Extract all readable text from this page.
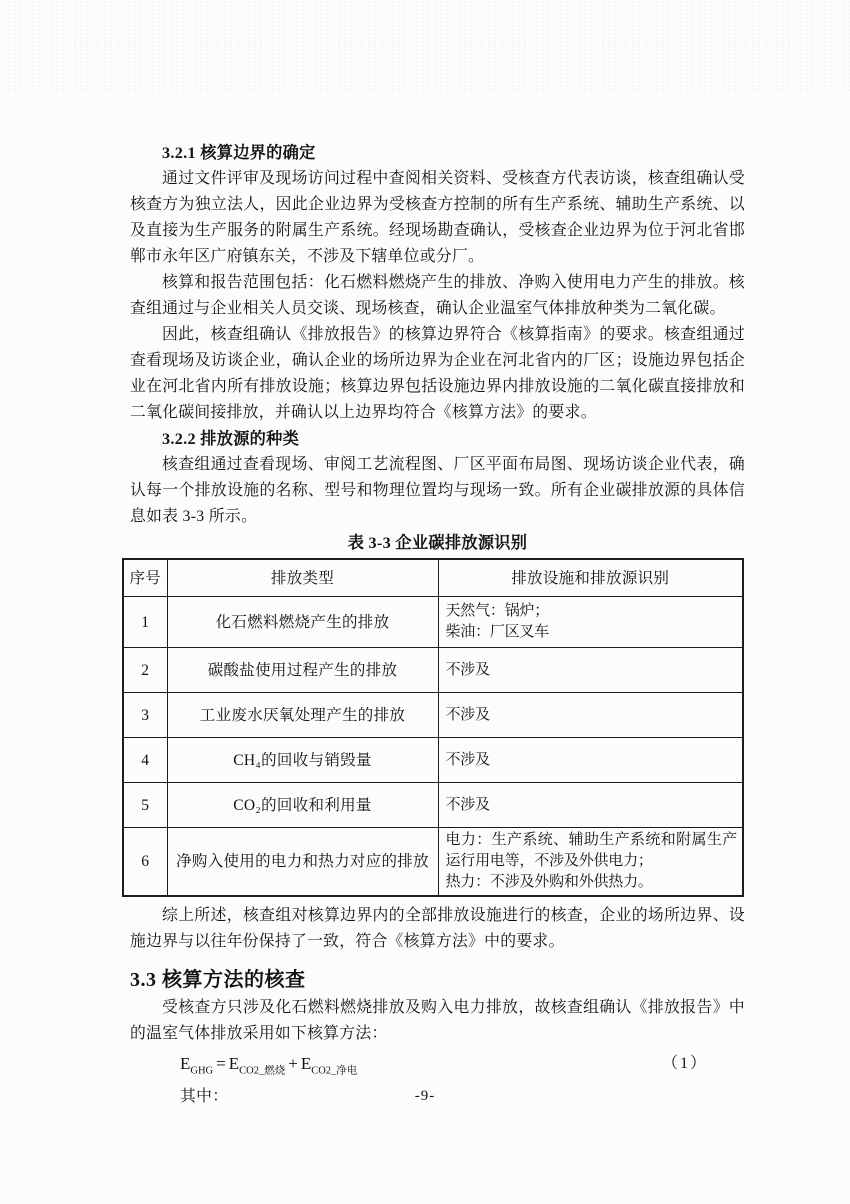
3.2.1 核算边界的确定

通过文件评审及现场访问过程中查阅相关资料、受核查方代表访谈，核查组确认受核查方为独立法人，因此企业边界为受核查方控制的所有生产系统、辅助生产系统、以及直接为生产服务的附属生产系统。经现场勘查确认，受核查企业边界为位于河北省邯郸市永年区广府镇东关，不涉及下辖单位或分厂。

核算和报告范围包括：化石燃料燃烧产生的排放、净购入使用电力产生的排放。核查组通过与企业相关人员交谈、现场核查，确认企业温室气体排放种类为二氧化碳。

因此，核查组确认《排放报告》的核算边界符合《核算指南》的要求。核查组通过查看现场及访谈企业，确认企业的场所边界为企业在河北省内的厂区；设施边界包括企业在河北省内所有排放设施；核算边界包括设施边界内排放设施的二氧化碳直接排放和二氧化碳间接排放，并确认以上边界均符合《核算方法》的要求。

3.2.2 排放源的种类

核查组通过查看现场、审阅工艺流程图、厂区平面布局图、现场访谈企业代表，确认每一个排放设施的名称、型号和物理位置均与现场一致。所有企业碳排放源的具体信息如表 3-3 所示。

表 3-3 企业碳排放源识别

序号	排放类型	排放设施和排放源识别
1	化石燃料燃烧产生的排放	天然气：锅炉；
柴油：厂区叉车

2	碳酸盐使用过程产生的排放	不涉及
3	工业废水厌氧处理产生的排放	不涉及
4	CH₄的回收与销毁量	不涉及
5	CO₂的回收和利用量	不涉及
6	净购入使用的电力和热力对应的排放	电力：生产系统、辅助生产系统和附属生产运行用电等，不涉及外供电力；
热力：不涉及外购和外供热力。

综上所述，核查组对核算边界内的全部排放设施进行的核查，企业的场所边界、设施边界与以往年份保持了一致，符合《核算方法》中的要求。

3.3 核算方法的核查

受核查方只涉及化石燃料燃烧排放及购入电力排放，故核查组确认《排放报告》中的温室气体排放采用如下核算方法：

$E_{GHG} = E_{CO2\_燃烧} + E_{CO2\_净电}$	（1）

其中：	-9-
